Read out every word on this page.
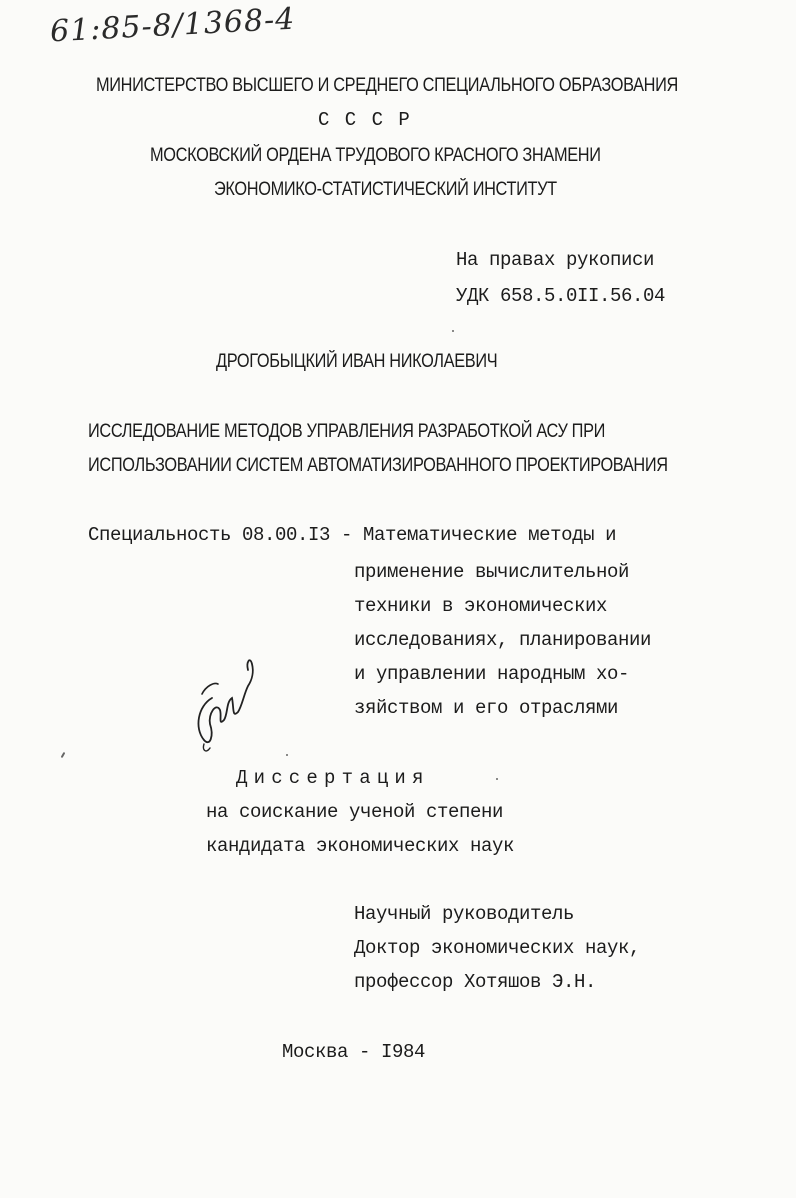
61:85-8/1368-4
МИНИСТЕРСТВО ВЫСШЕГО И СРЕДНЕГО СПЕЦИАЛЬНОГО ОБРАЗОВАНИЯ
С С С Р
МОСКОВСКИЙ ОРДЕНА ТРУДОВОГО КРАСНОГО ЗНАМЕНИ
ЭКОНОМИКО-СТАТИСТИЧЕСКИЙ ИНСТИТУТ
На правах рукописи
УДК 658.5.0II.56.04
ДРОГОБЫЦКИЙ ИВАН НИКОЛАЕВИЧ
ИССЛЕДОВАНИЕ МЕТОДОВ УПРАВЛЕНИЯ РАЗРАБОТКОЙ АСУ ПРИ
ИСПОЛЬЗОВАНИИ СИСТЕМ АВТОМАТИЗИРОВАННОГО ПРОЕКТИРОВАНИЯ
Специальность 08.00.I3 - Математические методы и
применение вычислительной
техники в экономических
исследованиях, планировании
и управлении народным хо-
зяйством и его отраслями
Диссертация
на соискание ученой степени
кандидата экономических наук
Научный руководитель
Доктор экономических наук,
профессор Хотяшов Э.Н.
Москва - I984
